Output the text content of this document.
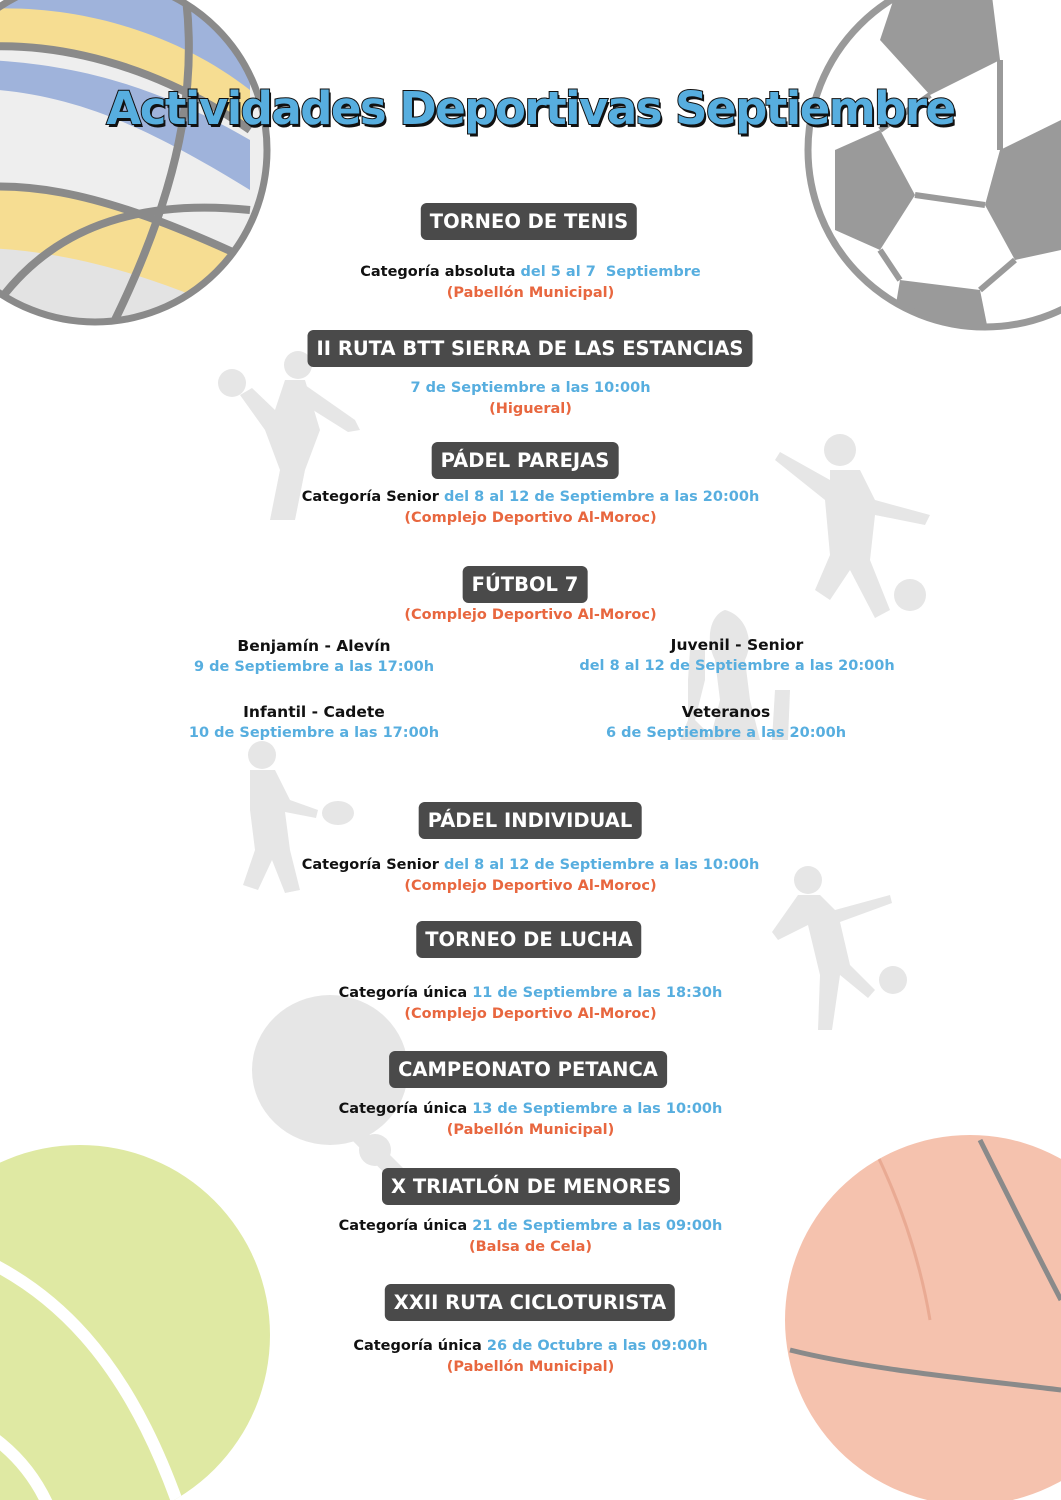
Actividades Deportivas Septiembre
TORNEO DE TENIS
Categoría absoluta del 5 al 7  Septiembre
(Pabellón Municipal)
II RUTA BTT SIERRA DE LAS ESTANCIAS
7 de Septiembre a las 10:00h
(Higueral)
PÁDEL PAREJAS
Categoría Senior del 8 al 12 de Septiembre a las 20:00h
(Complejo Deportivo Al-Moroc)
FÚTBOL 7
(Complejo Deportivo Al-Moroc)
Benjamín - Alevín
9 de Septiembre a las 17:00h
Juvenil - Senior
del 8 al 12 de Septiembre a las 20:00h
Infantil - Cadete
10 de Septiembre a las 17:00h
Veteranos
6 de Septiembre a las 20:00h
PÁDEL INDIVIDUAL
Categoría Senior del 8 al 12 de Septiembre a las 10:00h
(Complejo Deportivo Al-Moroc)
TORNEO DE LUCHA
Categoría única 11 de Septiembre a las 18:30h
(Complejo Deportivo Al-Moroc)
CAMPEONATO PETANCA
Categoría única 13 de Septiembre a las 10:00h
(Pabellón Municipal)
X TRIATLÓN DE MENORES
Categoría única 21 de Septiembre a las 09:00h
(Balsa de Cela)
XXII RUTA CICLOTURISTA
Categoría única 26 de Octubre a las 09:00h
(Pabellón Municipal)
